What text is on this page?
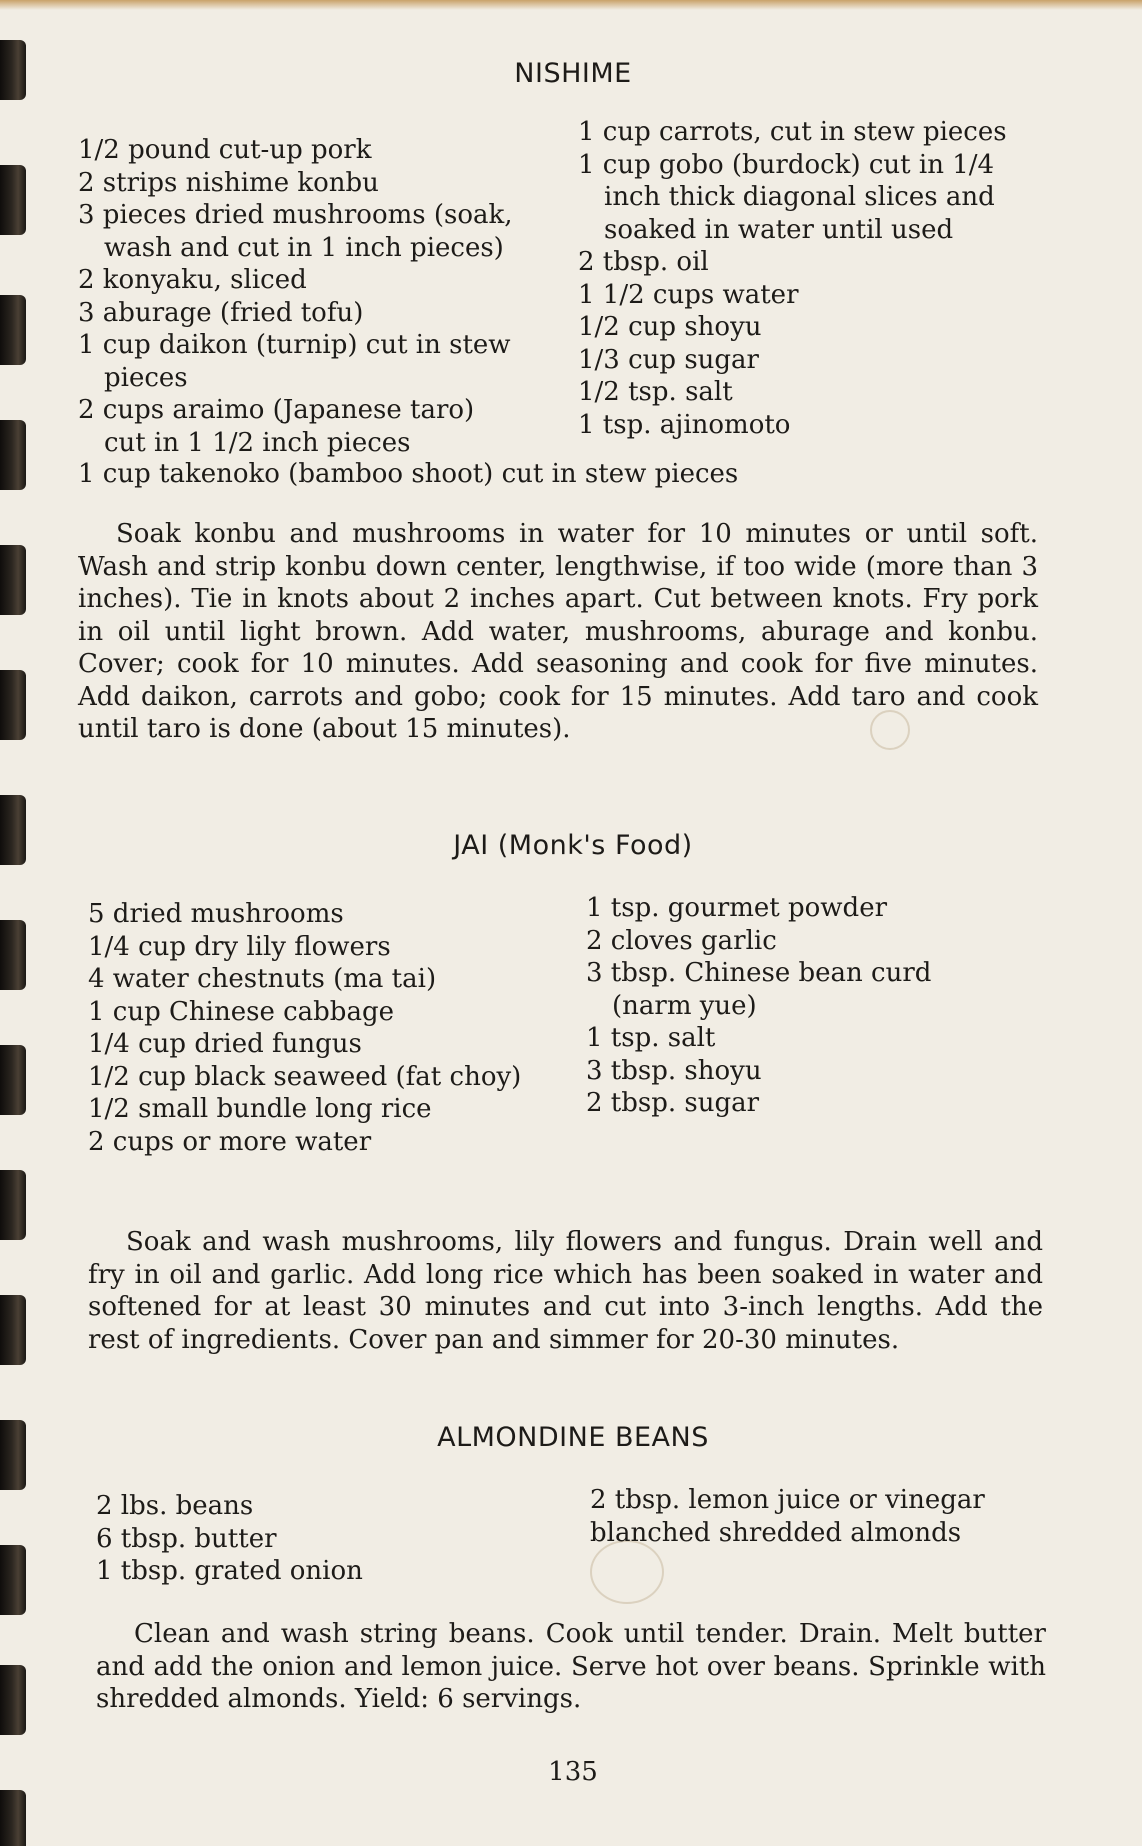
NISHIME
1/2 pound cut-up pork
2 strips nishime konbu
3 pieces dried mushrooms (soak,
wash and cut in 1 inch pieces)
2 konyaku, sliced
3 aburage (fried tofu)
1 cup daikon (turnip) cut in stew
pieces
2 cups araimo (Japanese taro)
cut in 1 1/2 inch pieces
1 cup carrots, cut in stew pieces
1 cup gobo (burdock) cut in 1/4
inch thick diagonal slices and soaked in water until used
2 tbsp. oil
1 1/2 cups water
1/2 cup shoyu
1/3 cup sugar
1/2 tsp. salt
1 tsp. ajinomoto
1 cup takenoko (bamboo shoot) cut in stew pieces

Soak konbu and mushrooms in water for 10 minutes or until soft. Wash and strip konbu down center, lengthwise, if too wide (more than 3 inches). Tie in knots about 2 inches apart. Cut between knots. Fry pork in oil until light brown. Add water, mushrooms, aburage and konbu. Cover; cook for 10 minutes. Add seasoning and cook for five minutes. Add daikon, carrots and gobo; cook for 15 minutes. Add taro and cook until taro is done (about 15 minutes).

JAI (Monk's Food)
5 dried mushrooms
1/4 cup dry lily flowers
4 water chestnuts (ma tai)
1 cup Chinese cabbage
1/4 cup dried fungus
1/2 cup black seaweed (fat choy)
1/2 small bundle long rice
2 cups or more water
1 tsp. gourmet powder
2 cloves garlic
3 tbsp. Chinese bean curd
(narm yue)
1 tsp. salt
3 tbsp. shoyu
2 tbsp. sugar

Soak and wash mushrooms, lily flowers and fungus. Drain well and fry in oil and garlic. Add long rice which has been soaked in water and softened for at least 30 minutes and cut into 3-inch lengths. Add the rest of ingredients. Cover pan and simmer for 20-30 minutes.

ALMONDINE BEANS
2 lbs. beans
6 tbsp. butter
1 tbsp. grated onion
2 tbsp. lemon juice or vinegar
blanched shredded almonds

Clean and wash string beans. Cook until tender. Drain. Melt butter and add the onion and lemon juice. Serve hot over beans. Sprinkle with shredded almonds. Yield: 6 servings.

135
